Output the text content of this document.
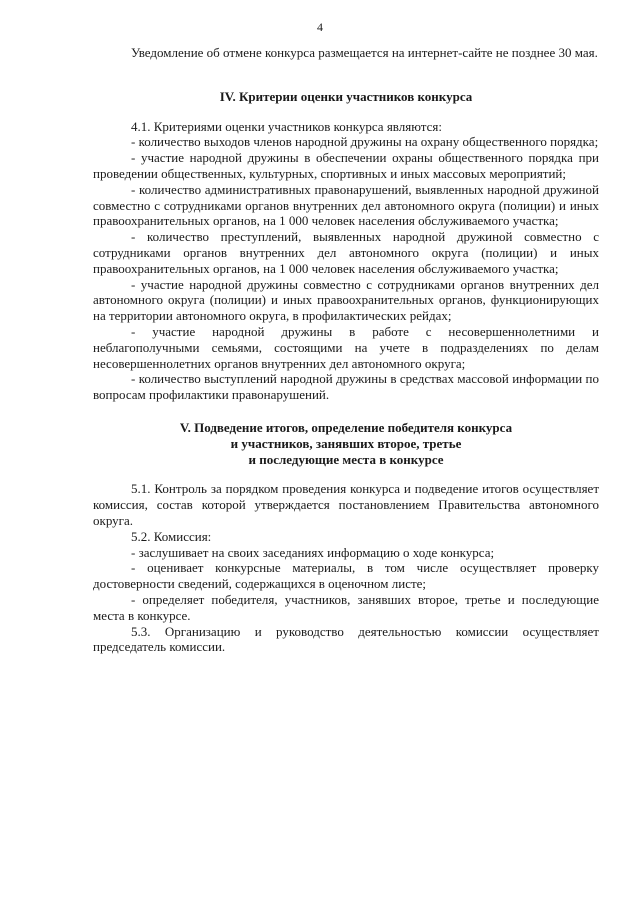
4

Уведомление об отмене конкурса размещается на интернет-сайте не позднее 30 мая.

IV. Критерии оценки участников конкурса

4.1. Критериями оценки участников конкурса являются:

- количество выходов членов народной дружины на охрану общественного порядка;

- участие народной дружины в обеспечении охраны общественного порядка при проведении общественных, культурных, спортивных и иных массовых мероприятий;

- количество административных правонарушений, выявленных народной дружиной совместно с сотрудниками органов внутренних дел автономного округа (полиции) и иных правоохранительных органов, на 1 000 человек населения обслуживаемого участка;

- количество преступлений, выявленных народной дружиной совместно с сотрудниками органов внутренних дел автономного округа (полиции) и иных правоохранительных органов, на 1 000 человек населения обслуживаемого участка;

- участие народной дружины совместно с сотрудниками органов внутренних дел автономного округа (полиции) и иных правоохранительных органов, функционирующих на территории автономного округа, в профилактических рейдах;

- участие народной дружины в работе с несовершеннолетними и неблагополучными семьями, состоящими на учете в подразделениях по делам несовершеннолетних органов внутренних дел автономного округа;

- количество выступлений народной дружины в средствах массовой информации по вопросам профилактики правонарушений.

V. Подведение итогов, определение победителя конкурса
и участников, занявших второе, третье
и последующие места в конкурсе

5.1. Контроль за порядком проведения конкурса и подведение итогов осуществляет комиссия, состав которой утверждается постановлением Правительства автономного округа.

5.2. Комиссия:

- заслушивает на своих заседаниях информацию о ходе конкурса;

- оценивает конкурсные материалы, в том числе осуществляет проверку достоверности сведений, содержащихся в оценочном листе;

- определяет победителя, участников, занявших второе, третье и последующие места в конкурсе.

5.3. Организацию и руководство деятельностью комиссии осуществляет председатель комиссии.
